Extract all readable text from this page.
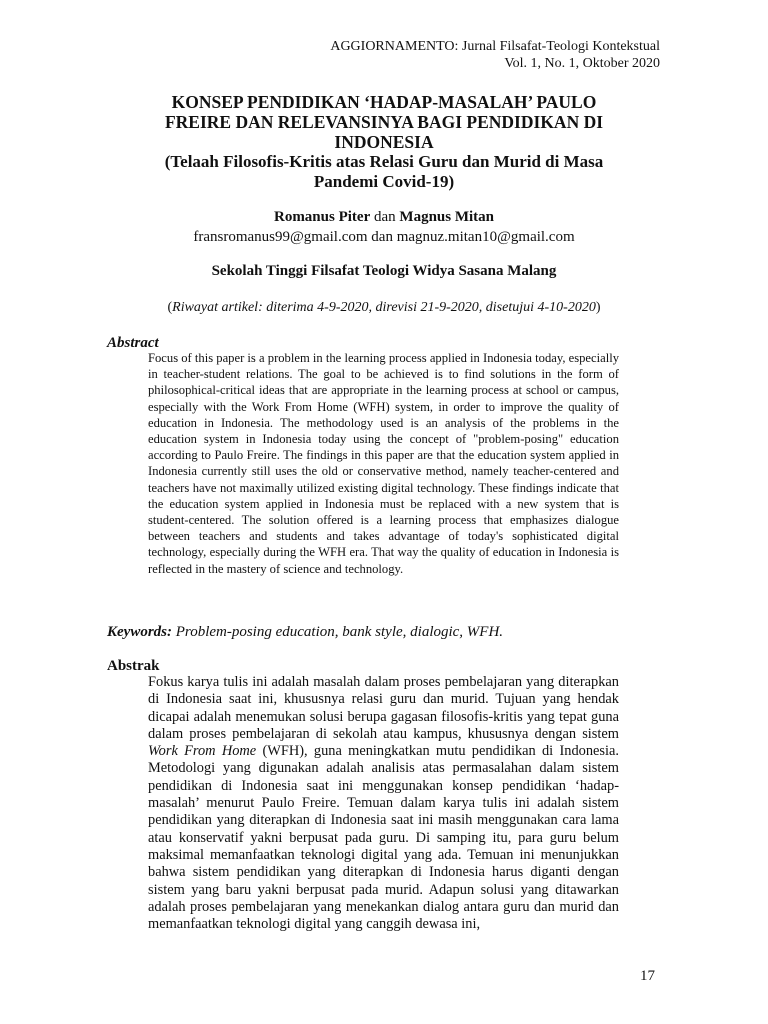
AGGIORNAMENTO: Jurnal Filsafat-Teologi Kontekstual
Vol. 1, No. 1, Oktober 2020
KONSEP PENDIDIKAN ‘HADAP-MASALAH’ PAULO
FREIRE DAN RELEVANSINYA BAGI PENDIDIKAN DI
INDONESIA
(Telaah Filosofis-Kritis atas Relasi Guru dan Murid di Masa
Pandemi Covid-19)
Romanus Piter dan Magnus Mitan
fransromanus99@gmail.com dan magnuz.mitan10@gmail.com
Sekolah Tinggi Filsafat Teologi Widya Sasana Malang
(Riwayat artikel: diterima 4-9-2020, direvisi 21-9-2020, disetujui 4-10-2020)
Abstract
Focus of this paper is a problem in the learning process applied in Indonesia today, especially in teacher-student relations. The goal to be achieved is to find solutions in the form of philosophical-critical ideas that are appropriate in the learning process at school or campus, especially with the Work From Home (WFH) system, in order to improve the quality of education in Indonesia. The methodology used is an analysis of the problems in the education system in Indonesia today using the concept of "problem-posing" education according to Paulo Freire. The findings in this paper are that the education system applied in Indonesia currently still uses the old or conservative method, namely teacher-centered and teachers have not maximally utilized existing digital technology. These findings indicate that the education system applied in Indonesia must be replaced with a new system that is student-centered. The solution offered is a learning process that emphasizes dialogue between teachers and students and takes advantage of today's sophisticated digital technology, especially during the WFH era. That way the quality of education in Indonesia is reflected in the mastery of science and technology.
Keywords: Problem-posing education, bank style, dialogic, WFH.
Abstrak
Fokus karya tulis ini adalah masalah dalam proses pembelajaran yang diterapkan di Indonesia saat ini, khususnya relasi guru dan murid. Tujuan yang hendak dicapai adalah menemukan solusi berupa gagasan filosofis-kritis yang tepat guna dalam proses pembelajaran di sekolah atau kampus, khususnya dengan sistem Work From Home (WFH), guna meningkatkan mutu pendidikan di Indonesia. Metodologi yang digunakan adalah analisis atas permasalahan dalam sistem pendidikan di Indonesia saat ini menggunakan konsep pendidikan ‘hadap-masalah’ menurut Paulo Freire. Temuan dalam karya tulis ini adalah sistem pendidikan yang diterapkan di Indonesia saat ini masih menggunakan cara lama atau konservatif yakni berpusat pada guru. Di samping itu, para guru belum maksimal memanfaatkan teknologi digital yang ada. Temuan ini menunjukkan bahwa sistem pendidikan yang diterapkan di Indonesia harus diganti dengan sistem yang baru yakni berpusat pada murid. Adapun solusi yang ditawarkan adalah proses pembelajaran yang menekankan dialog antara guru dan murid dan memanfaatkan teknologi digital yang canggih dewasa ini,
17
